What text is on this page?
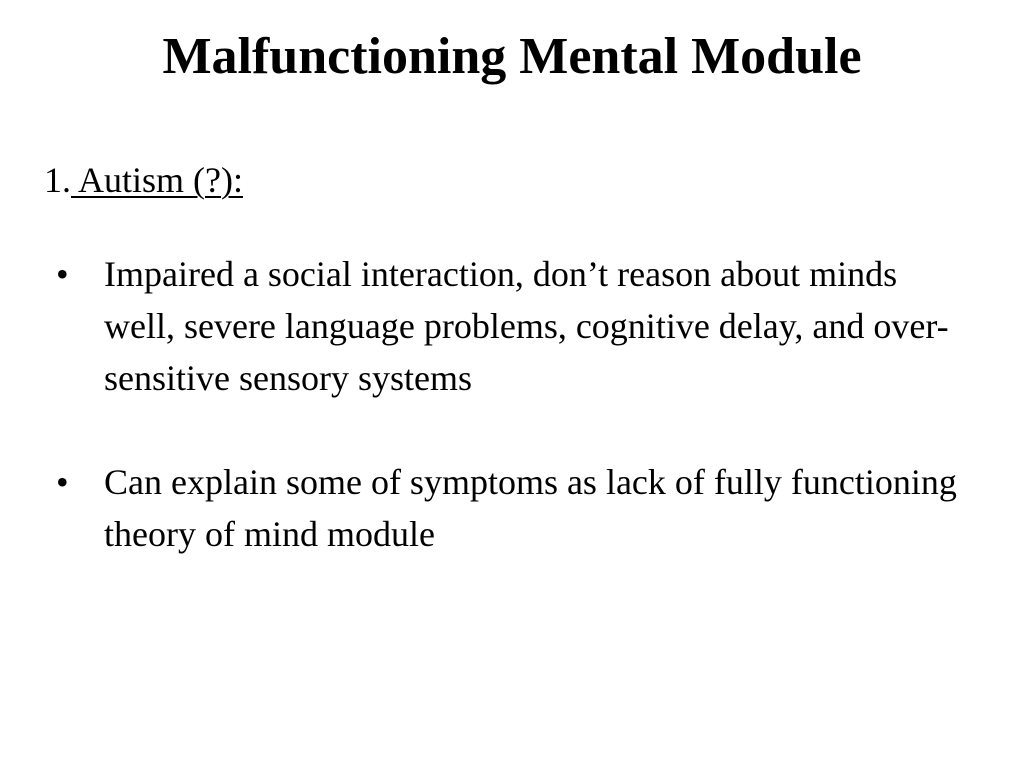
Malfunctioning Mental Module
1. Autism (?):
• Impaired a social interaction, don’t reason about minds well, severe language problems, cognitive delay, and over-sensitive sensory systems
• Can explain some of symptoms as lack of fully functioning theory of mind module
